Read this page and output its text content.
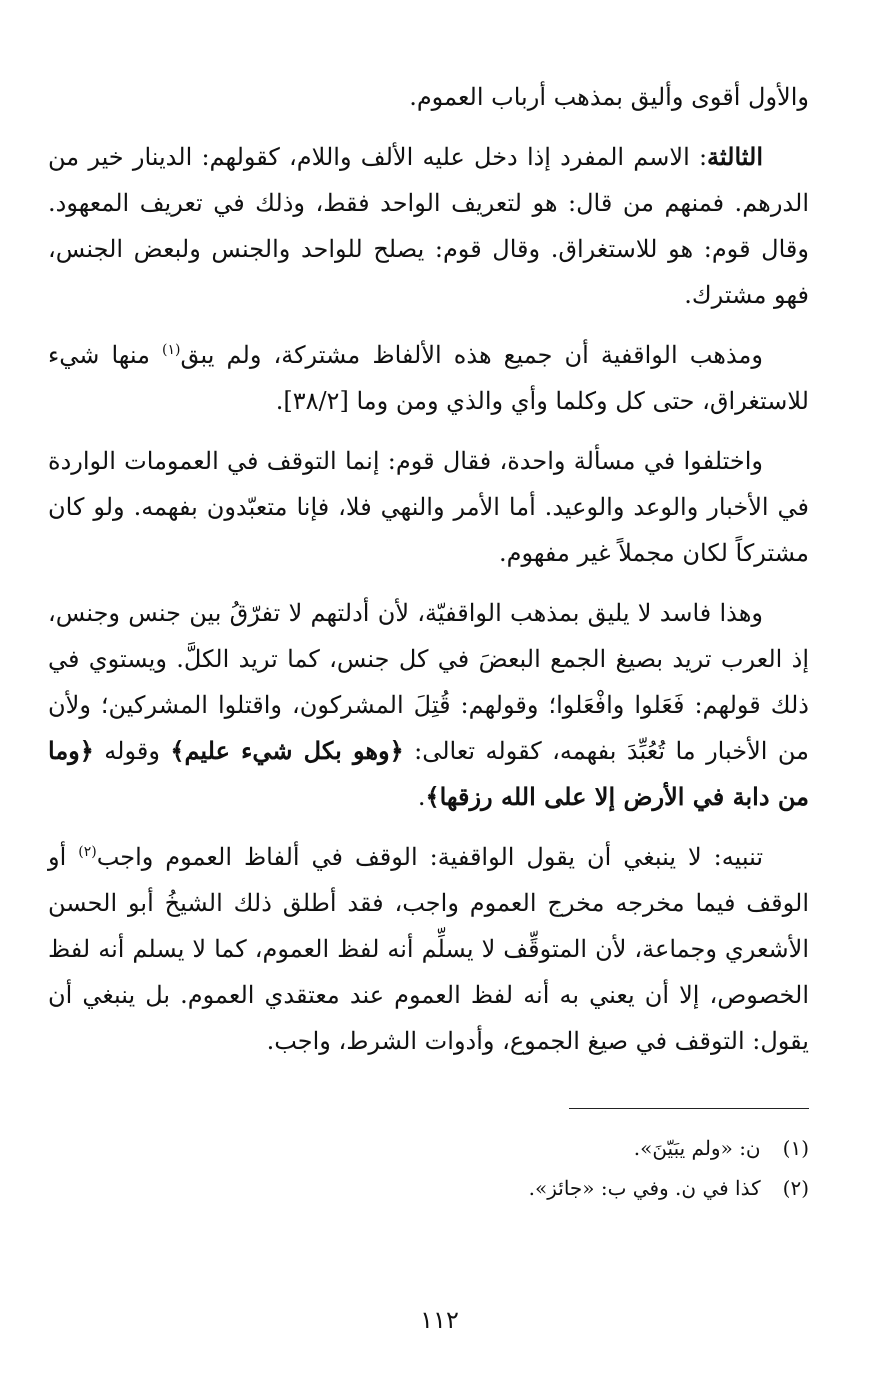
والأول أقوى وأليق بمذهب أرباب العموم.

الثالثة: الاسم المفرد إذا دخل عليه الألف واللام، كقولهم: الدينار خير من الدرهم. فمنهم من قال: هو لتعريف الواحد فقط، وذلك في تعريف المعهود. وقال قوم: هو للاستغراق. وقال قوم: يصلح للواحد والجنس ولبعض الجنس، فهو مشترك.

ومذهب الواقفية أن جميع هذه الألفاظ مشتركة، ولم يبق$^{(١)}$ منها شيء للاستغراق، حتى كل وكلما وأي والذي ومن وما [٣٨/٢].

واختلفوا في مسألة واحدة، فقال قوم: إنما التوقف في العمومات الواردة في الأخبار والوعد والوعيد. أما الأمر والنهي فلا، فإنا متعبّدون بفهمه. ولو كان مشتركاً لكان مجملاً غير مفهوم.

وهذا فاسد لا يليق بمذهب الواقفيّة، لأن أدلتهم لا تفرّقُ بين جنس وجنس، إذ العرب تريد بصيغ الجمع البعضَ في كل جنس، كما تريد الكلَّ. ويستوي في ذلك قولهم: فَعَلوا وافْعَلوا؛ وقولهم: قُتِلَ المشركون، واقتلوا المشركين؛ ولأن من الأخبار ما تُعُبِّدَ بفهمه، كقوله تعالى: ﴿وهو بكل شيء عليم﴾ وقوله ﴿وما من دابة في الأرض إلا على الله رزقها﴾.

تنبيه: لا ينبغي أن يقول الواقفية: الوقف في ألفاظ العموم واجب$^{(٢)}$ أو الوقف فيما مخرجه مخرج العموم واجب، فقد أطلق ذلك الشيخُ أبو الحسن الأشعري وجماعة، لأن المتوقِّف لا يسلِّم أنه لفظ العموم، كما لا يسلم أنه لفظ الخصوص، إلا أن يعني به أنه لفظ العموم عند معتقدي العموم. بل ينبغي أن يقول: التوقف في صيغ الجموع، وأدوات الشرط، واجب.

(١)ن: «ولم يبَيّنَ».

(٢)كذا في ن. وفي ب: «جائز».

١١٢
